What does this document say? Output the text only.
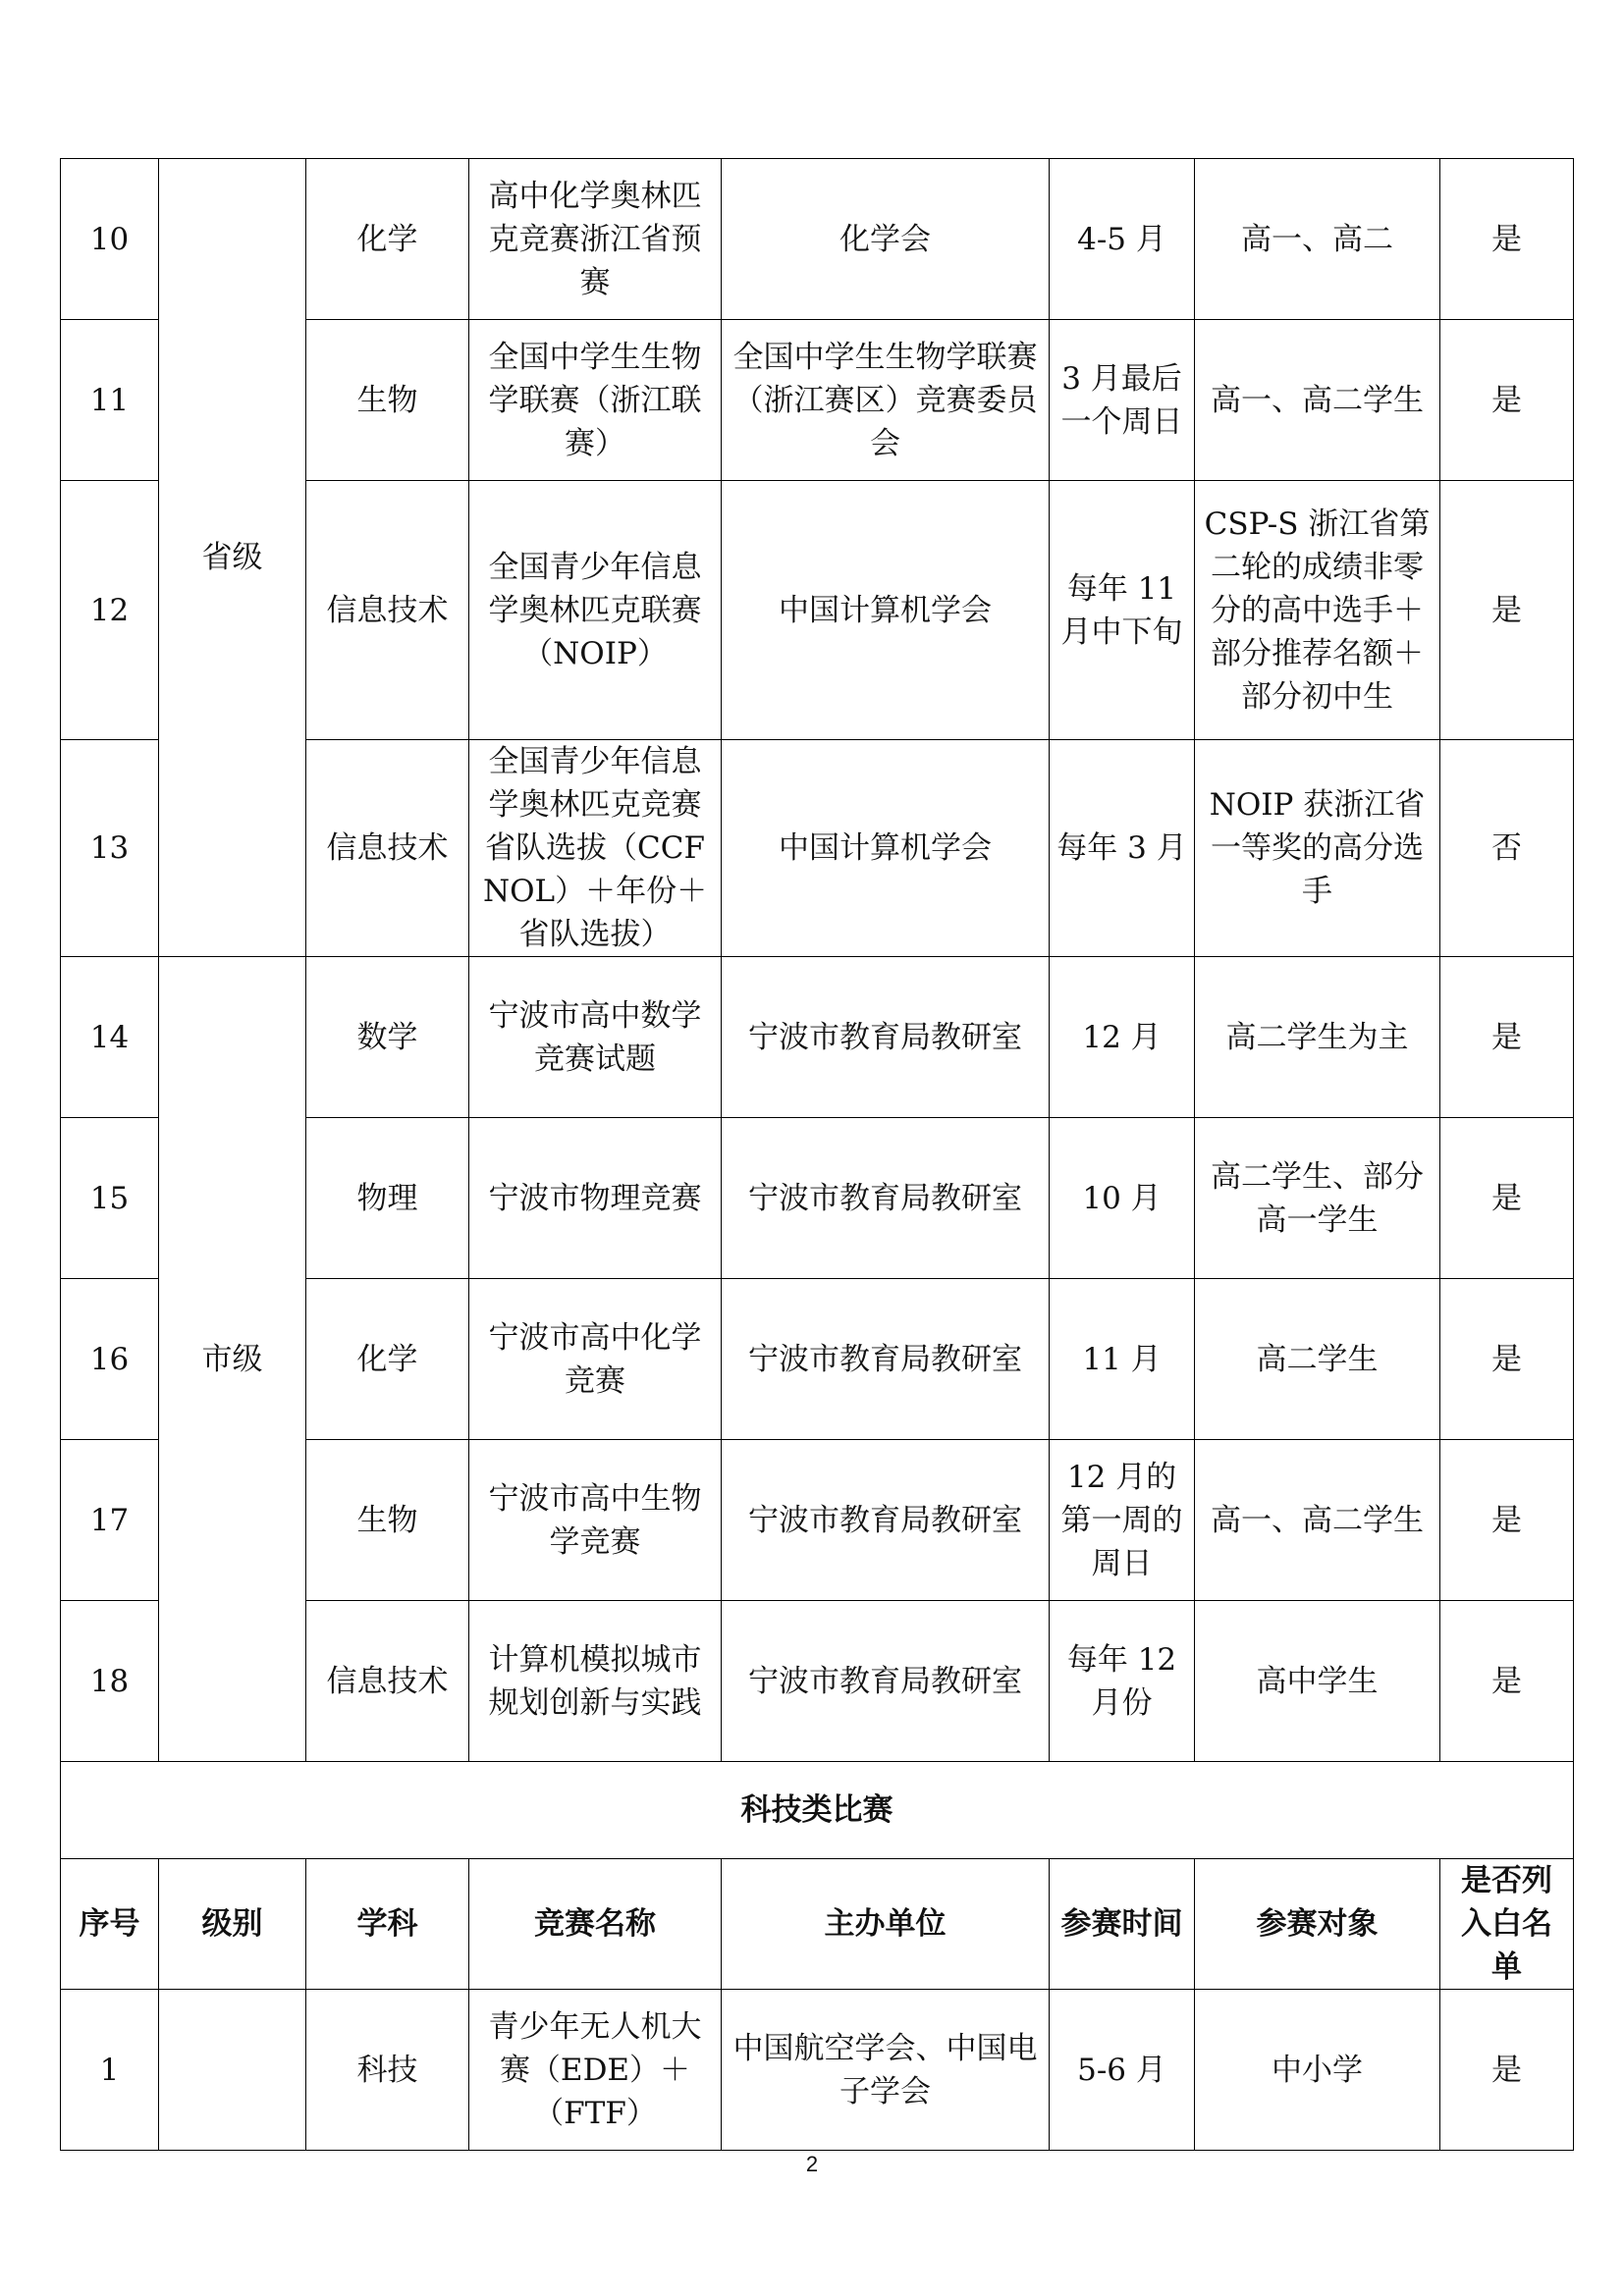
10	省级	化学	高中化学奥林匹克竞赛浙江省预赛	化学会	4-5 月	高一、高二	是
11		生物	全国中学生生物学联赛（浙江联赛）	全国中学生生物学联赛（浙江赛区）竞赛委员会	3 月最后一个周日	高一、高二学生	是
12		信息技术	全国青少年信息学奥林匹克联赛（NOIP）	中国计算机学会	每年 11 月中下旬	CSP-S 浙江省第二轮的成绩非零分的高中选手＋部分推荐名额＋部分初中生	是
13		信息技术	全国青少年信息学奥林匹克竞赛 省队选拔（CCFNOL）＋年份＋省队选拔）	中国计算机学会	每年 3 月	NOIP 获浙江省一等奖的高分选手	否
14	市级	数学	宁波市高中数学竞赛试题	宁波市教育局教研室	12 月	高二学生为主	是
15		物理	宁波市物理竞赛	宁波市教育局教研室	10 月	高二学生、部分高一学生	是
16		化学	宁波市高中化学竞赛	宁波市教育局教研室	11 月	高二学生	是
17		生物	宁波市高中生物学竞赛	宁波市教育局教研室	12 月的第一周的周日	高一、高二学生	是
18		信息技术	计算机模拟城市规划创新与实践	宁波市教育局教研室	每年 12 月份	高中学生	是
科技类比赛							
序号	级别	学科	竞赛名称	主办单位	参赛时间	参赛对象	是否列入白名单
1		科技	青少年无人机大赛（EDE）＋（FTF）	中国航空学会、中国电子学会	5-6 月	中小学	是
2
